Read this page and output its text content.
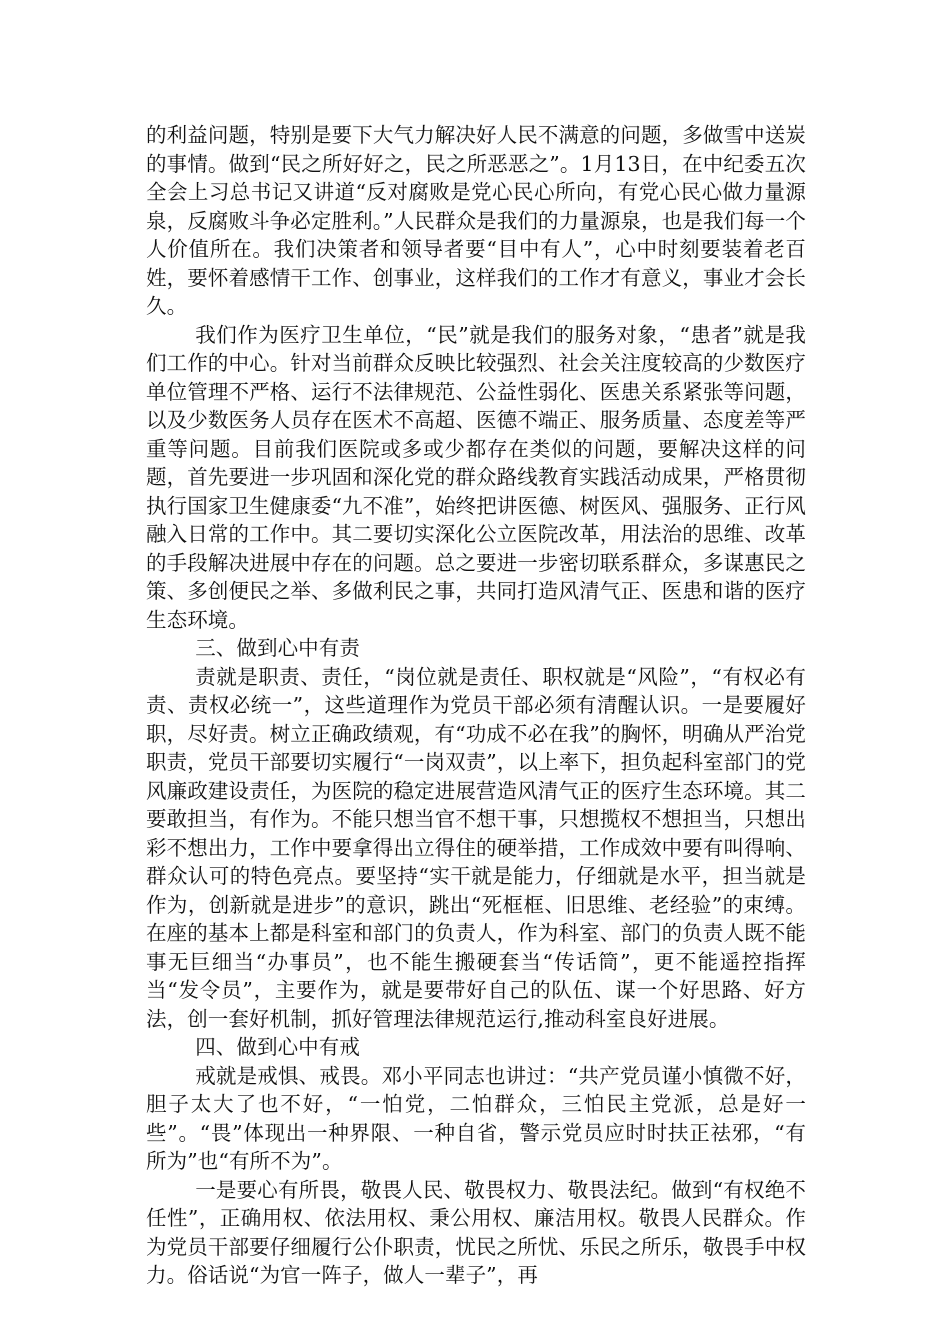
的利益问题，特别是要下大气力解决好人民不满意的问题，多做雪中送炭的事情。做到“民之所好好之，民之所恶恶之”。1月13日，在中纪委五次全会上习总书记又讲道“反对腐败是党心民心所向，有党心民心做力量源泉，反腐败斗争必定胜利。”人民群众是我们的力量源泉，也是我们每一个人价值所在。我们决策者和领导者要“目中有人”，心中时刻要装着老百姓，要怀着感情干工作、创事业，这样我们的工作才有意义，事业才会长久。

我们作为医疗卫生单位，“民”就是我们的服务对象，“患者”就是我们工作的中心。针对当前群众反映比较强烈、社会关注度较高的少数医疗单位管理不严格、运行不法律规范、公益性弱化、医患关系紧张等问题，以及少数医务人员存在医术不高超、医德不端正、服务质量、态度差等严重等问题。目前我们医院或多或少都存在类似的问题，要解决这样的问题，首先要进一步巩固和深化党的群众路线教育实践活动成果，严格贯彻执行国家卫生健康委“九不准”，始终把讲医德、树医风、强服务、正行风融入日常的工作中。其二要切实深化公立医院改革，用法治的思维、改革的手段解决进展中存在的问题。总之要进一步密切联系群众，多谋惠民之策、多创便民之举、多做利民之事，共同打造风清气正、医患和谐的医疗生态环境。

三、做到心中有责

责就是职责、责任，“岗位就是责任、职权就是“风险”，“有权必有责、责权必统一”，这些道理作为党员干部必须有清醒认识。一是要履好职，尽好责。树立正确政绩观，有“功成不必在我”的胸怀，明确从严治党职责，党员干部要切实履行“一岗双责”，以上率下，担负起科室部门的党风廉政建设责任，为医院的稳定进展营造风清气正的医疗生态环境。其二要敢担当，有作为。不能只想当官不想干事，只想揽权不想担当，只想出彩不想出力，工作中要拿得出立得住的硬举措，工作成效中要有叫得响、群众认可的特色亮点。要坚持“实干就是能力，仔细就是水平，担当就是作为，创新就是进步”的意识，跳出“死框框、旧思维、老经验”的束缚。在座的基本上都是科室和部门的负责人，作为科室、部门的负责人既不能事无巨细当“办事员”，也不能生搬硬套当“传话筒”，更不能遥控指挥当“发令员”，主要作为，就是要带好自己的队伍、谋一个好思路、好方法，创一套好机制，抓好管理法律规范运行,推动科室良好进展。

四、做到心中有戒

戒就是戒惧、戒畏。邓小平同志也讲过：“共产党员谨小慎微不好，胆子太大了也不好，“一怕党，二怕群众，三怕民主党派，总是好一些”。“畏”体现出一种界限、一种自省，警示党员应时时扶正祛邪，“有所为”也“有所不为”。

一是要心有所畏，敬畏人民、敬畏权力、敬畏法纪。做到“有权绝不任性”，正确用权、依法用权、秉公用权、廉洁用权。敬畏人民群众。作为党员干部要仔细履行公仆职责，忧民之所忧、乐民之所乐，敬畏手中权力。俗话说“为官一阵子，做人一辈子”，再
